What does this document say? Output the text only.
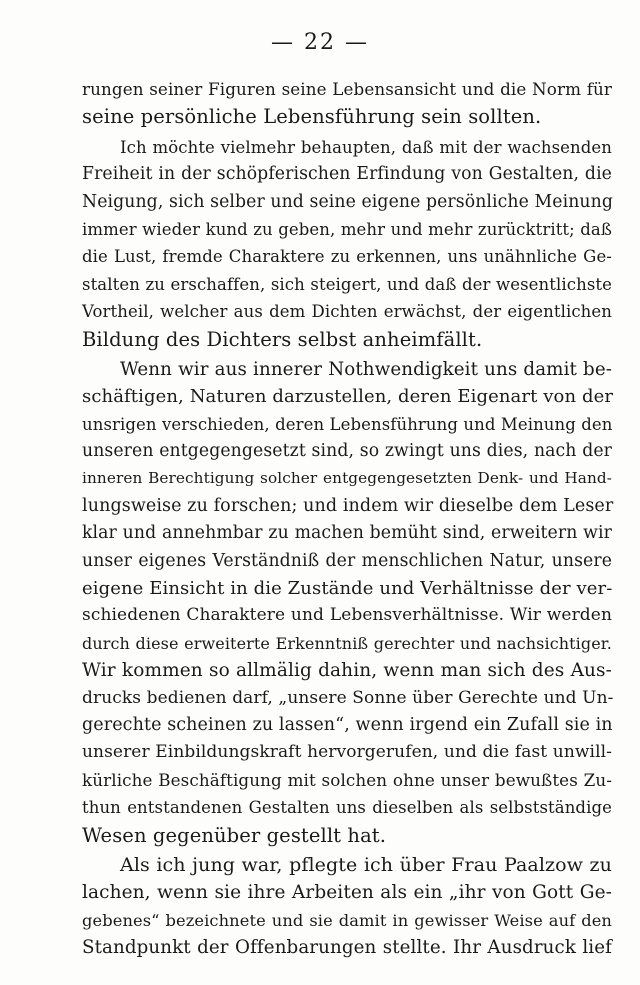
— 22 —
rungen seiner Figuren seine Lebensansicht und die Norm für
seine persönliche Lebensführung sein sollten.
Ich möchte vielmehr behaupten, daß mit der wachsenden
Freiheit in der schöpferischen Erfindung von Gestalten, die
Neigung, sich selber und seine eigene persönliche Meinung
immer wieder kund zu geben, mehr und mehr zurücktritt; daß
die Lust, fremde Charaktere zu erkennen, uns unähnliche Ge-
stalten zu erschaffen, sich steigert, und daß der wesentlichste
Vortheil, welcher aus dem Dichten erwächst, der eigentlichen
Bildung des Dichters selbst anheimfällt.
Wenn wir aus innerer Nothwendigkeit uns damit be-
schäftigen, Naturen darzustellen, deren Eigenart von der
unsrigen verschieden, deren Lebensführung und Meinung den
unseren entgegengesetzt sind, so zwingt uns dies, nach der
inneren Berechtigung solcher entgegengesetzten Denk- und Hand-
lungsweise zu forschen; und indem wir dieselbe dem Leser
klar und annehmbar zu machen bemüht sind, erweitern wir
unser eigenes Verständniß der menschlichen Natur, unsere
eigene Einsicht in die Zustände und Verhältnisse der ver-
schiedenen Charaktere und Lebensverhältnisse. Wir werden
durch diese erweiterte Erkenntniß gerechter und nachsichtiger.
Wir kommen so allmälig dahin, wenn man sich des Aus-
drucks bedienen darf, „unsere Sonne über Gerechte und Un-
gerechte scheinen zu lassen“, wenn irgend ein Zufall sie in
unserer Einbildungskraft hervorgerufen, und die fast unwill-
kürliche Beschäftigung mit solchen ohne unser bewußtes Zu-
thun entstandenen Gestalten uns dieselben als selbstständige
Wesen gegenüber gestellt hat.
Als ich jung war, pflegte ich über Frau Paalzow zu
lachen, wenn sie ihre Arbeiten als ein „ihr von Gott Ge-
gebenes“ bezeichnete und sie damit in gewisser Weise auf den
Standpunkt der Offenbarungen stellte. Ihr Ausdruck lief
